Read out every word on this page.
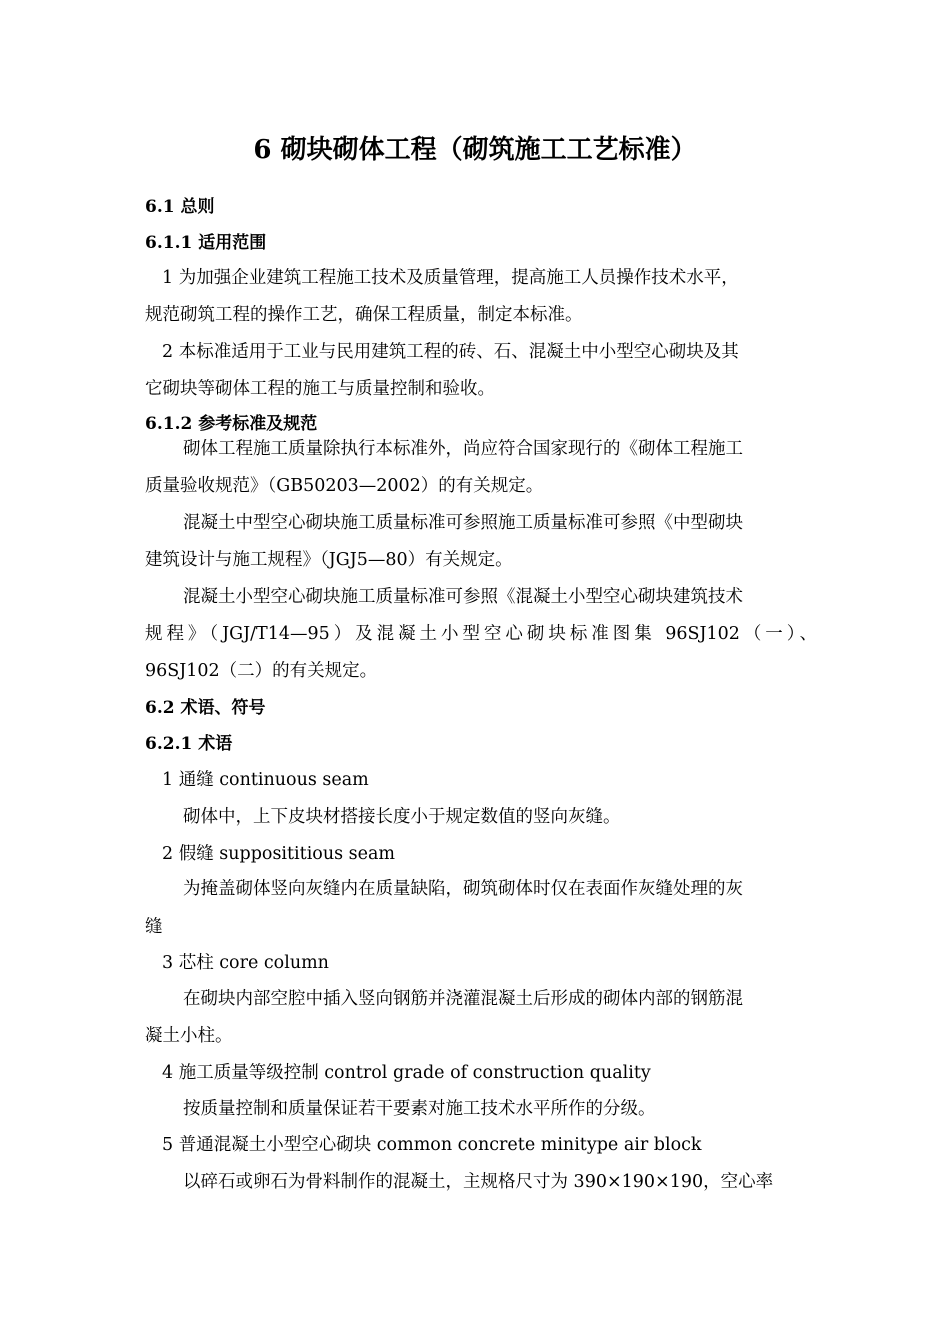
6 砌块砌体工程（砌筑施工工艺标准）
6.1 总则
6.1.1 适用范围
1 为加强企业建筑工程施工技术及质量管理，提高施工人员操作技术水平，
规范砌筑工程的操作工艺，确保工程质量，制定本标准。
2 本标准适用于工业与民用建筑工程的砖、石、混凝土中小型空心砌块及其
它砌块等砌体工程的施工与质量控制和验收。
6.1.2 参考标准及规范
砌体工程施工质量除执行本标准外，尚应符合国家现行的《砌体工程施工
质量验收规范》（GB50203—2002）的有关规定。
混凝土中型空心砌块施工质量标准可参照施工质量标准可参照《中型砌块
建筑设计与施工规程》（JGJ5—80）有关规定。
混凝土小型空心砌块施工质量标准可参照《混凝土小型空心砌块建筑技术
规程》（JGJ/T14—95）及混凝土小型空心砌块标准图集 96SJ102（一）、
96SJ102（二）的有关规定。
6.2 术语、符号
6.2.1 术语
1 通缝 continuous seam
砌体中，上下皮块材搭接长度小于规定数值的竖向灰缝。
2 假缝 supposititious seam
为掩盖砌体竖向灰缝内在质量缺陷，砌筑砌体时仅在表面作灰缝处理的灰
缝
3 芯柱 core column
在砌块内部空腔中插入竖向钢筋并浇灌混凝土后形成的砌体内部的钢筋混
凝土小柱。
4 施工质量等级控制 control grade of construction quality
按质量控制和质量保证若干要素对施工技术水平所作的分级。
5 普通混凝土小型空心砌块 common concrete minitype air block
以碎石或卵石为骨料制作的混凝土，主规格尺寸为 390×190×190，空心率
